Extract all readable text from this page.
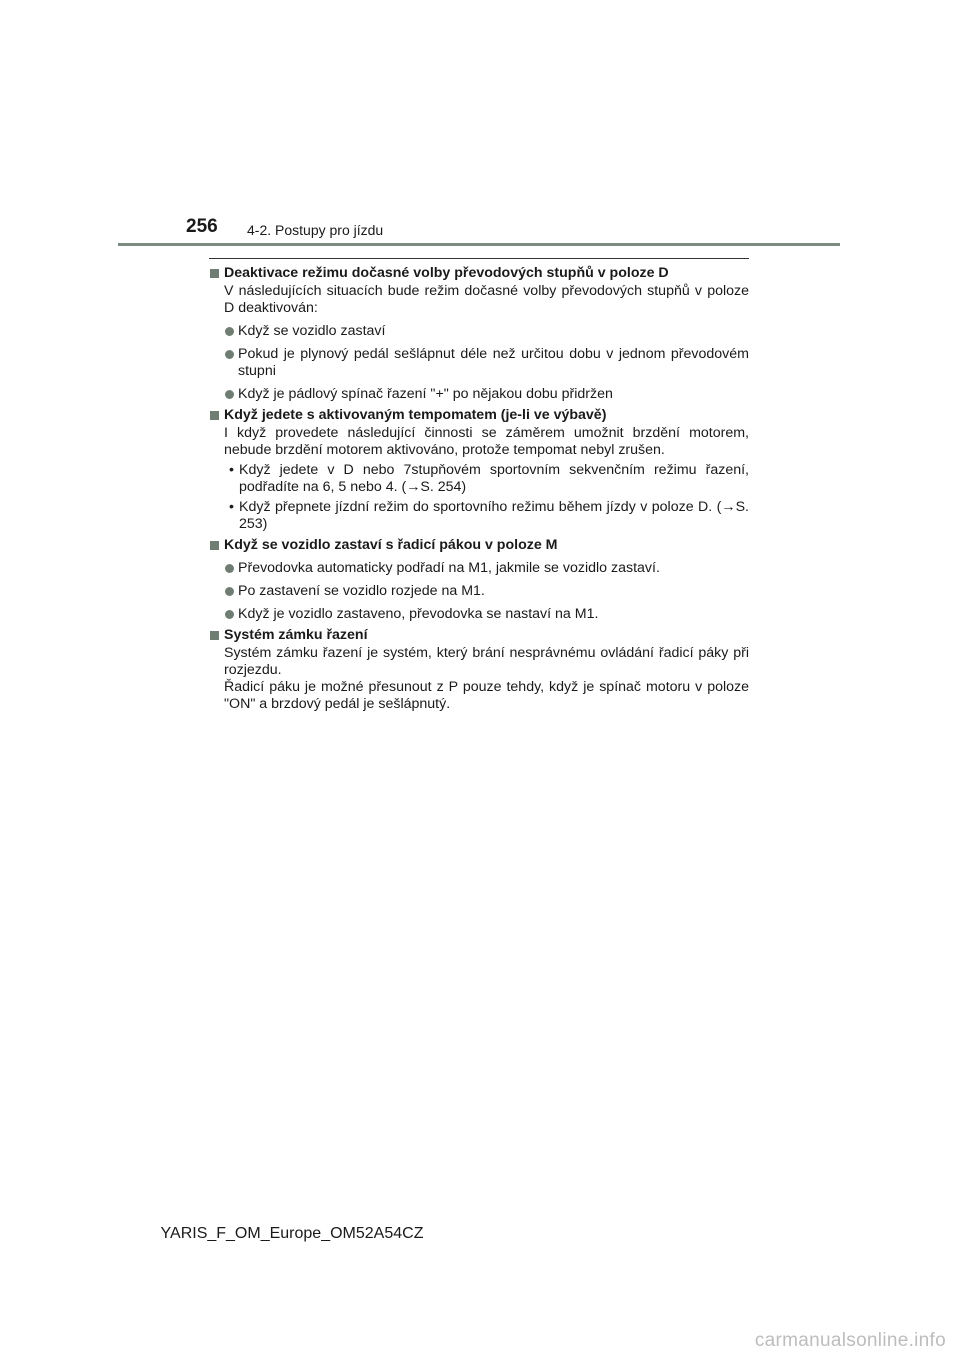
256 4-2. Postupy pro jízdu
Deaktivace režimu dočasné volby převodových stupňů v poloze D
V následujících situacích bude režim dočasné volby převodových stupňů v poloze D deaktivován:
Když se vozidlo zastaví
Pokud je plynový pedál sešlápnut déle než určitou dobu v jednom převodovém stupni
Když je pádlový spínač řazení "+" po nějakou dobu přidržen
Když jedete s aktivovaným tempomatem (je-li ve výbavě)
I když provedete následující činnosti se záměrem umožnit brzdění motorem, nebude brzdění motorem aktivováno, protože tempomat nebyl zrušen.
• Když jedete v D nebo 7stupňovém sportovním sekvenčním režimu řazení, podřadíte na 6, 5 nebo 4. (→S. 254)
• Když přepnete jízdní režim do sportovního režimu během jízdy v poloze D. (→S. 253)
Když se vozidlo zastaví s řadicí pákou v poloze M
Převodovka automaticky podřadí na M1, jakmile se vozidlo zastaví.
Po zastavení se vozidlo rozjede na M1.
Když je vozidlo zastaveno, převodovka se nastaví na M1.
Systém zámku řazení
Systém zámku řazení je systém, který brání nesprávnému ovládání řadicí páky při rozjezdu.
Řadicí páku je možné přesunout z P pouze tehdy, když je spínač motoru v poloze "ON" a brzdový pedál je sešlápnutý.
YARIS_F_OM_Europe_OM52A54CZ
carmanualsonline.info
